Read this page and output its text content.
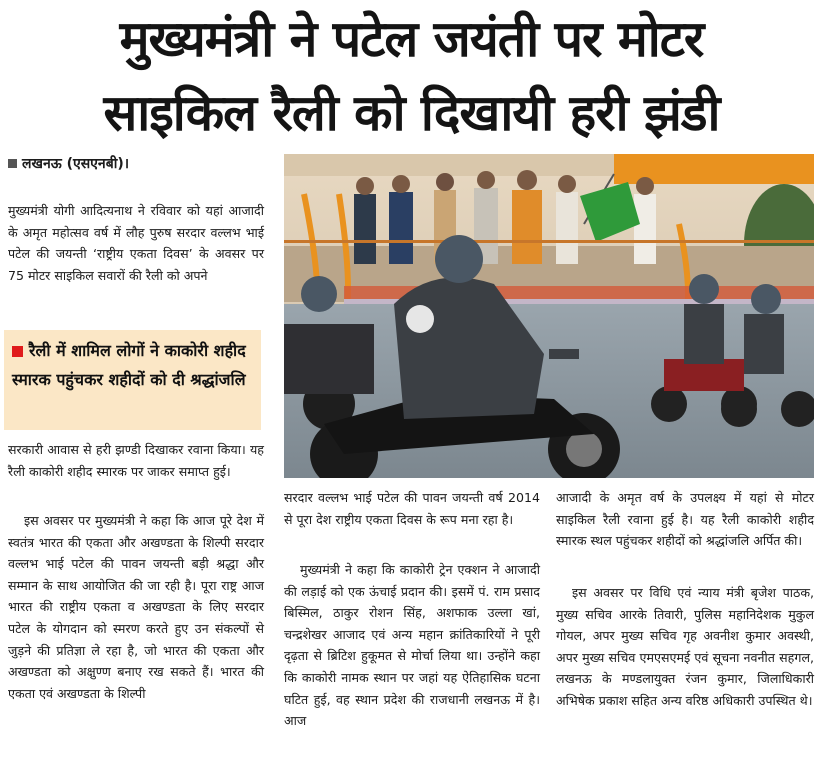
मुख्यमंत्री ने पटेल जयंती पर मोटर
साइकिल रैली को दिखायी हरी झंडी
लखनऊ (एसएनबी)।

मुख्यमंत्री योगी आदित्यनाथ ने रविवार को यहां आजादी के अमृत महोत्सव वर्ष में लौह पुरुष सरदार वल्लभ भाई पटेल की जयन्ती ‘राष्ट्रीय एकता दिवस’ के अवसर पर 75 मोटर साइकिल सवारों की रैली को अपने

रैली में शामिल लोगों ने काकोरी शहीद स्मारक पहुंचकर शहीदों को दी श्रद्धांजलि

सरकारी आवास से हरी झण्डी दिखाकर रवाना किया। यह रैली काकोरी शहीद स्मारक पर जाकर समाप्त हुई।

इस अवसर पर मुख्यमंत्री ने कहा कि आज पूरे देश में स्वतंत्र भारत की एकता और अखण्डता के शिल्पी सरदार वल्लभ भाई पटेल की पावन जयन्ती बड़ी श्रद्धा और सम्मान के साथ आयोजित की जा रही है। पूरा राष्ट्र आज भारत की राष्ट्रीय एकता व अखण्डता के लिए सरदार पटेल के योगदान को स्मरण करते हुए उन संकल्पों से जुड़ने की प्रतिज्ञा ले रहा है, जो भारत की एकता और अखण्डता को अक्षुण्ण बनाए रख सकते हैं। भारत की एकता एवं अखण्डता के शिल्पी

सरदार वल्लभ भाई पटेल की पावन जयन्ती वर्ष 2014 से पूरा देश राष्ट्रीय एकता दिवस के रूप मना रहा है।

मुख्यमंत्री ने कहा कि काकोरी ट्रेन एक्शन ने आजादी की लड़ाई को एक ऊंचाई प्रदान की। इसमें पं. राम प्रसाद बिस्मिल, ठाकुर रोशन सिंह, अशफाक उल्ला खां, चन्द्रशेखर आजाद एवं अन्य महान क्रांतिकारियों ने पूरी दृढ़ता से ब्रिटिश हुकूमत से मोर्चा लिया था। उन्होंने कहा कि काकोरी नामक स्थान पर जहां यह ऐतिहासिक घटना घटित हुई, वह स्थान प्रदेश की राजधानी लखनऊ में है। आज

आजादी के अमृत वर्ष के उपलक्ष्य में यहां से मोटर साइकिल रैली रवाना हुई है। यह रैली काकोरी शहीद स्मारक स्थल पहुंचकर शहीदों को श्रद्धांजलि अर्पित की।

इस अवसर पर विधि एवं न्याय मंत्री बृजेश पाठक, मुख्य सचिव आरके तिवारी, पुलिस महानिदेशक मुकुल गोयल, अपर मुख्य सचिव गृह अवनीश कुमार अवस्थी, अपर मुख्य सचिव एमएसएमई एवं सूचना नवनीत सहगल, लखनऊ के मण्डलायुक्त रंजन कुमार, जिलाधिकारी अभिषेक प्रकाश सहित अन्य वरिष्ठ अधिकारी उपस्थित थे।
